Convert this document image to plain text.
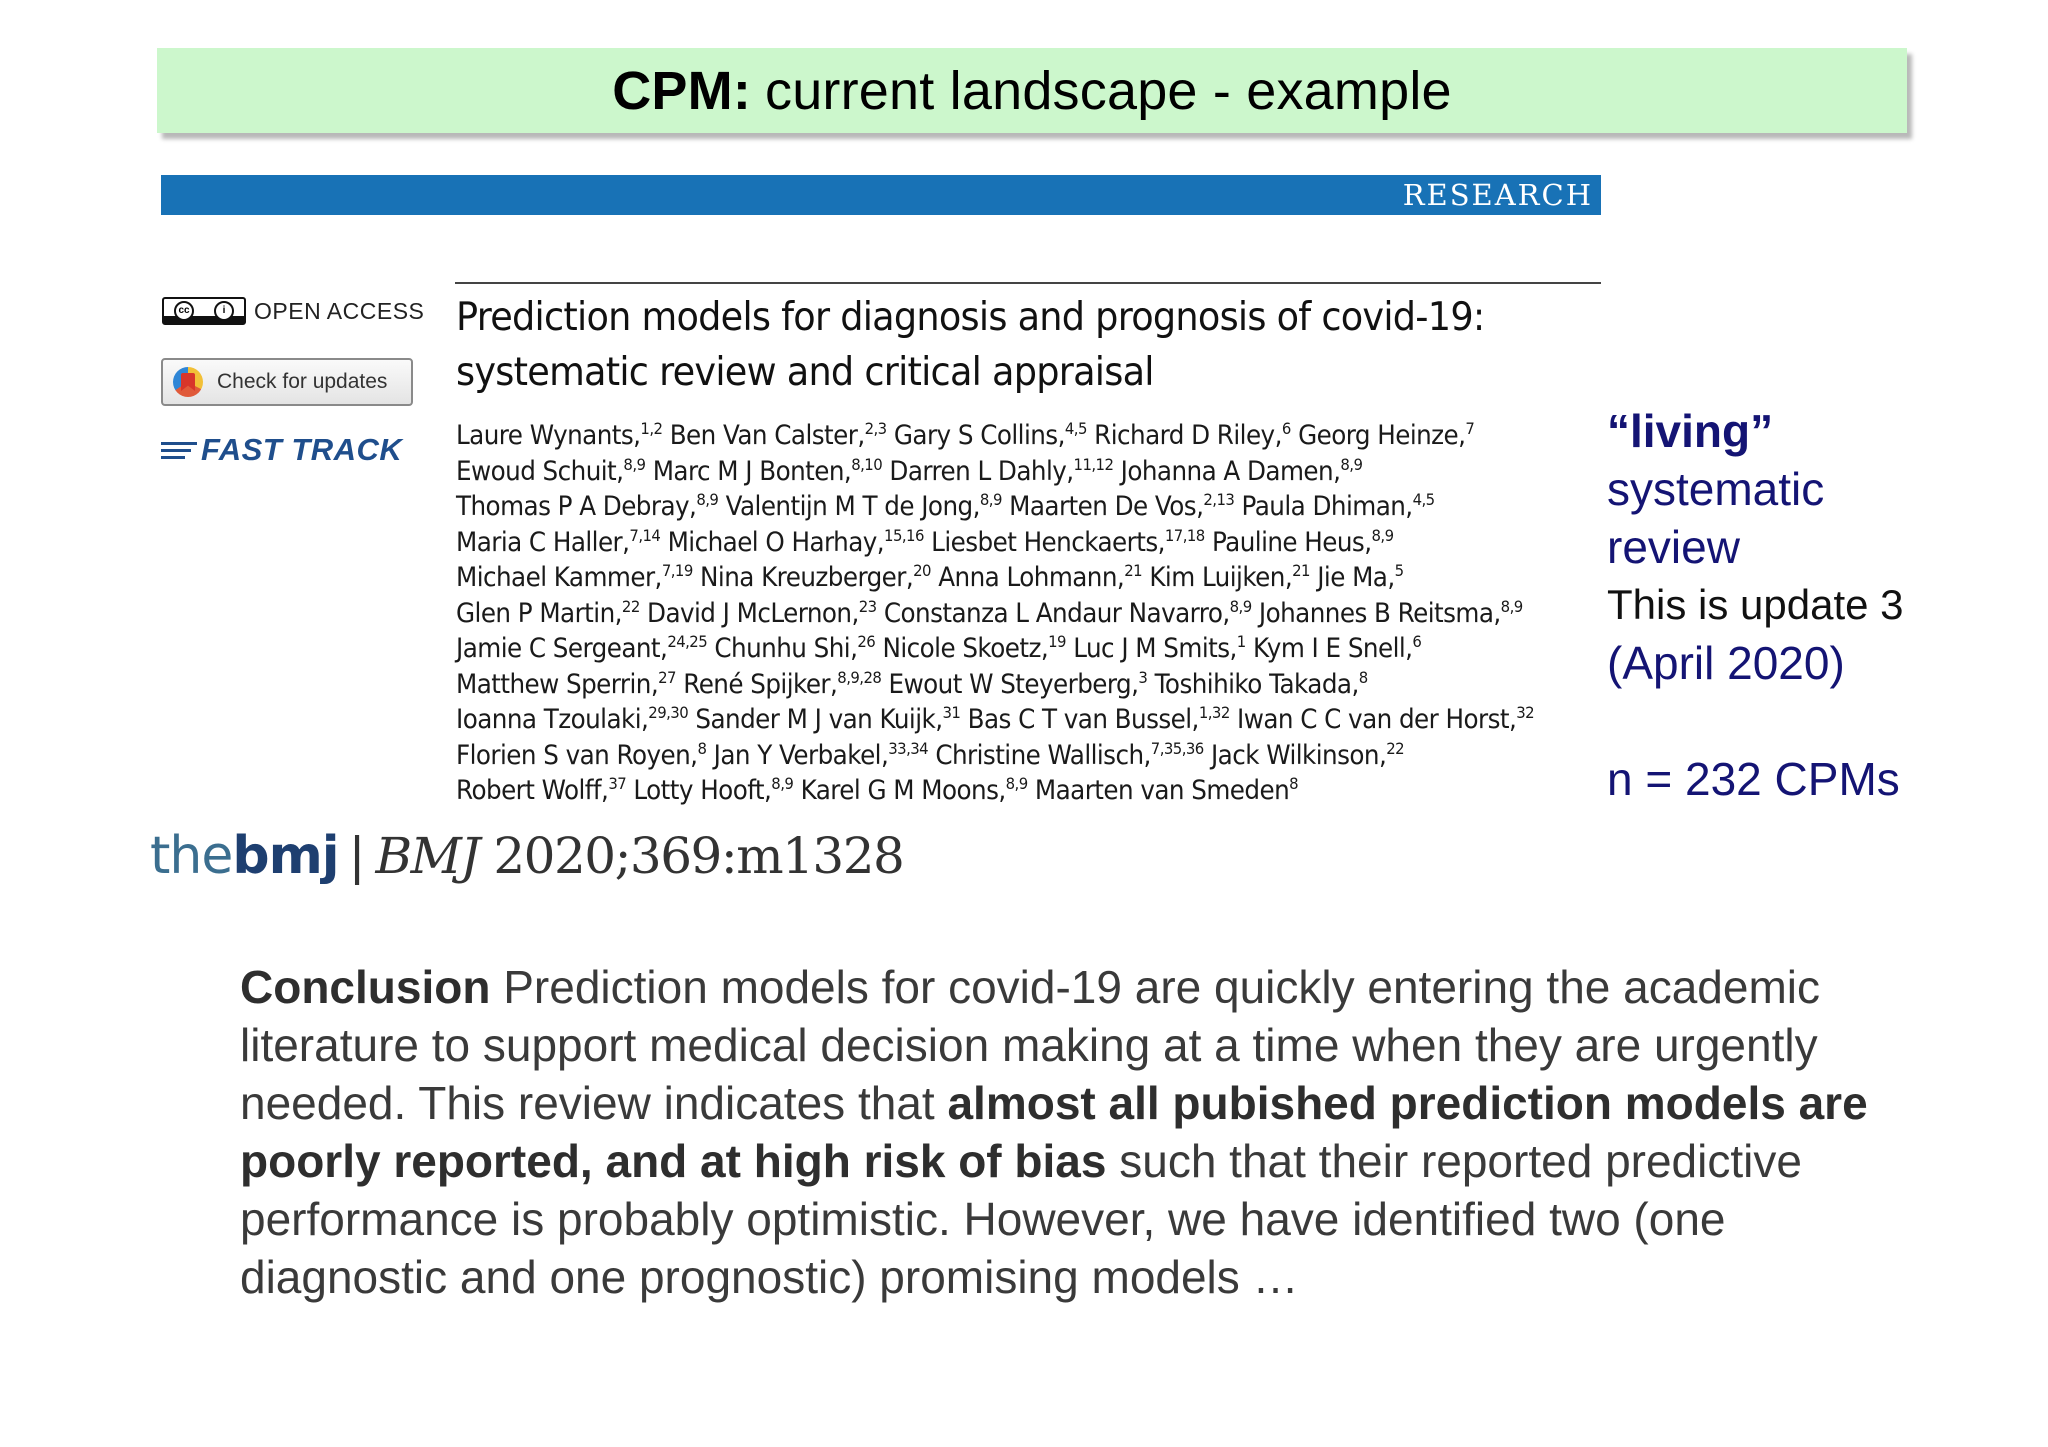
CPM: current landscape - example
RESEARCH
cc	i	OPEN ACCESS
Check for updates
FAST TRACK
Prediction models for diagnosis and prognosis of covid-19:
systematic review and critical appraisal
Laure Wynants,$^{1,2}$ Ben Van Calster,$^{2,3}$ Gary S Collins,$^{4,5}$ Richard D Riley,$^6$ Georg Heinze,$^7$
Ewoud Schuit,$^{8,9}$ Marc M J Bonten,$^{8,10}$ Darren L Dahly,$^{11,12}$ Johanna A Damen,$^{8,9}$
Thomas P A Debray,$^{8,9}$ Valentijn M T de Jong,$^{8,9}$ Maarten De Vos,$^{2,13}$ Paula Dhiman,$^{4,5}$
Maria C Haller,$^{7,14}$ Michael O Harhay,$^{15,16}$ Liesbet Henckaerts,$^{17,18}$ Pauline Heus,$^{8,9}$
Michael Kammer,$^{7,19}$ Nina Kreuzberger,$^{20}$ Anna Lohmann,$^{21}$ Kim Luijken,$^{21}$ Jie Ma,$^5$
Glen P Martin,$^{22}$ David J McLernon,$^{23}$ Constanza L Andaur Navarro,$^{8,9}$ Johannes B Reitsma,$^{8,9}$
Jamie C Sergeant,$^{24,25}$ Chunhu Shi,$^{26}$ Nicole Skoetz,$^{19}$ Luc J M Smits,$^1$ Kym I E Snell,$^6$
Matthew Sperrin,$^{27}$ René Spijker,$^{8,9,28}$ Ewout W Steyerberg,$^3$ Toshihiko Takada,$^8$
Ioanna Tzoulaki,$^{29,30}$ Sander M J van Kuijk,$^{31}$ Bas C T van Bussel,$^{1,32}$ Iwan C C van der Horst,$^{32}$
Florien S van Royen,$^8$ Jan Y Verbakel,$^{33,34}$ Christine Wallisch,$^{7,35,36}$ Jack Wilkinson,$^{22}$
Robert Wolff,$^{37}$ Lotty Hooft,$^{8,9}$ Karel G M Moons,$^{8,9}$ Maarten van Smeden$^8$
the bmj | BMJ 2020;369:m1328
“living”
systematic
review
This is update 3
(April 2020)
n = 232 CPMs
Conclusion Prediction models for covid-19 are quickly entering the academic literature to support medical decision making at a time when they are urgently needed. This review indicates that almost all pubished prediction models are poorly reported, and at high risk of bias such that their reported predictive performance is probably optimistic. However, we have identified two (one diagnostic and one prognostic) promising models …
